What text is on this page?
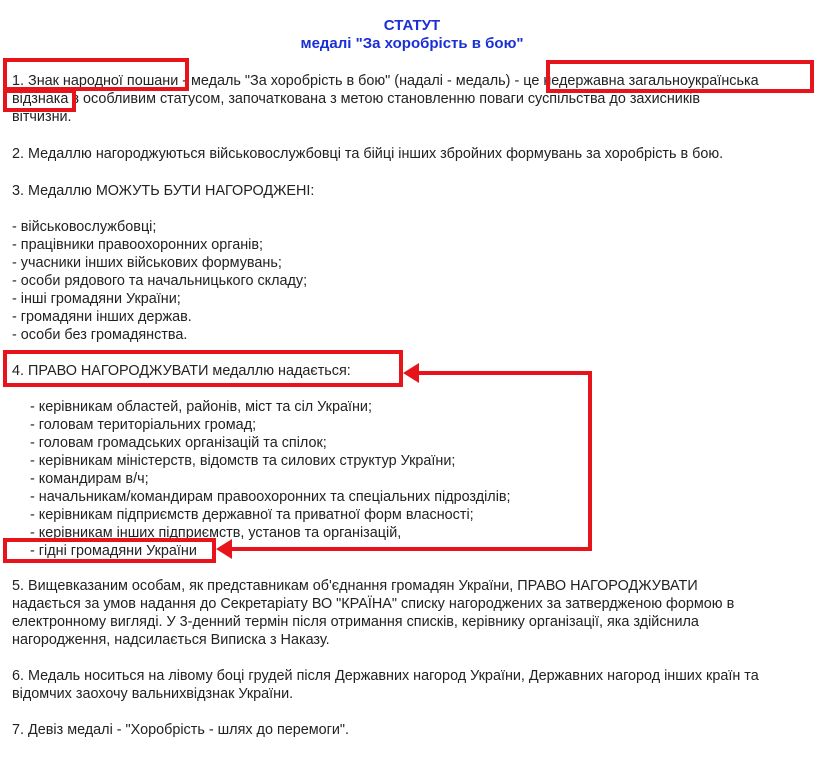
СТАТУТ
медалі "За хоробрість в бою"
1. Знак народної пошани - медаль "За хоробрість в бою" (надалі - медаль) - це недержавна загальноукраїнська
відзнака з особливим статусом, започаткована з метою становленню поваги суспільства до захисників
вітчизни.
2. Медаллю нагороджуються військовослужбовці та бійці інших збройних формувань за хоробрість в бою.
3. Медаллю МОЖУТЬ БУТИ НАГОРОДЖЕНІ:
- військовослужбовці;
- працівники правоохоронних органів;
- учасники інших військових формувань;
- особи рядового та начальницького складу;
- інші громадяни України;
- громадяни інших держав.
- особи без громадянства.
4. ПРАВО НАГОРОДЖУВАТИ медаллю надається:
- керівникам областей, районів, міст та сіл України;
- головам територіальних громад;
- головам громадських організацій та спілок;
- керівникам міністерств, відомств та силових структур України;
- командирам в/ч;
- начальникам/командирам правоохоронних та спеціальних підрозділів;
- керівникам підприємств державної та приватної форм власності;
- керівникам інших підприємств, установ та організацій,
- гідні громадяни України
5. Вищевказаним особам, як представникам об'єднання громадян України, ПРАВО НАГОРОДЖУВАТИ
надається за умов надання до Секретаріату ВО "КРАЇНА" списку нагороджених за затвердженою формою в
електронному вигляді. У 3-денний термін після отримання списків, керівнику організації, яка здійснила
нагородження, надсилається Виписка з Наказу.
6. Медаль носиться на лівому боці грудей після Державних нагород України, Державних нагород інших країн та
відомчих заохочу вальнихвідзнак України.
7. Девіз медалі - "Хоробрість - шлях до перемоги".
